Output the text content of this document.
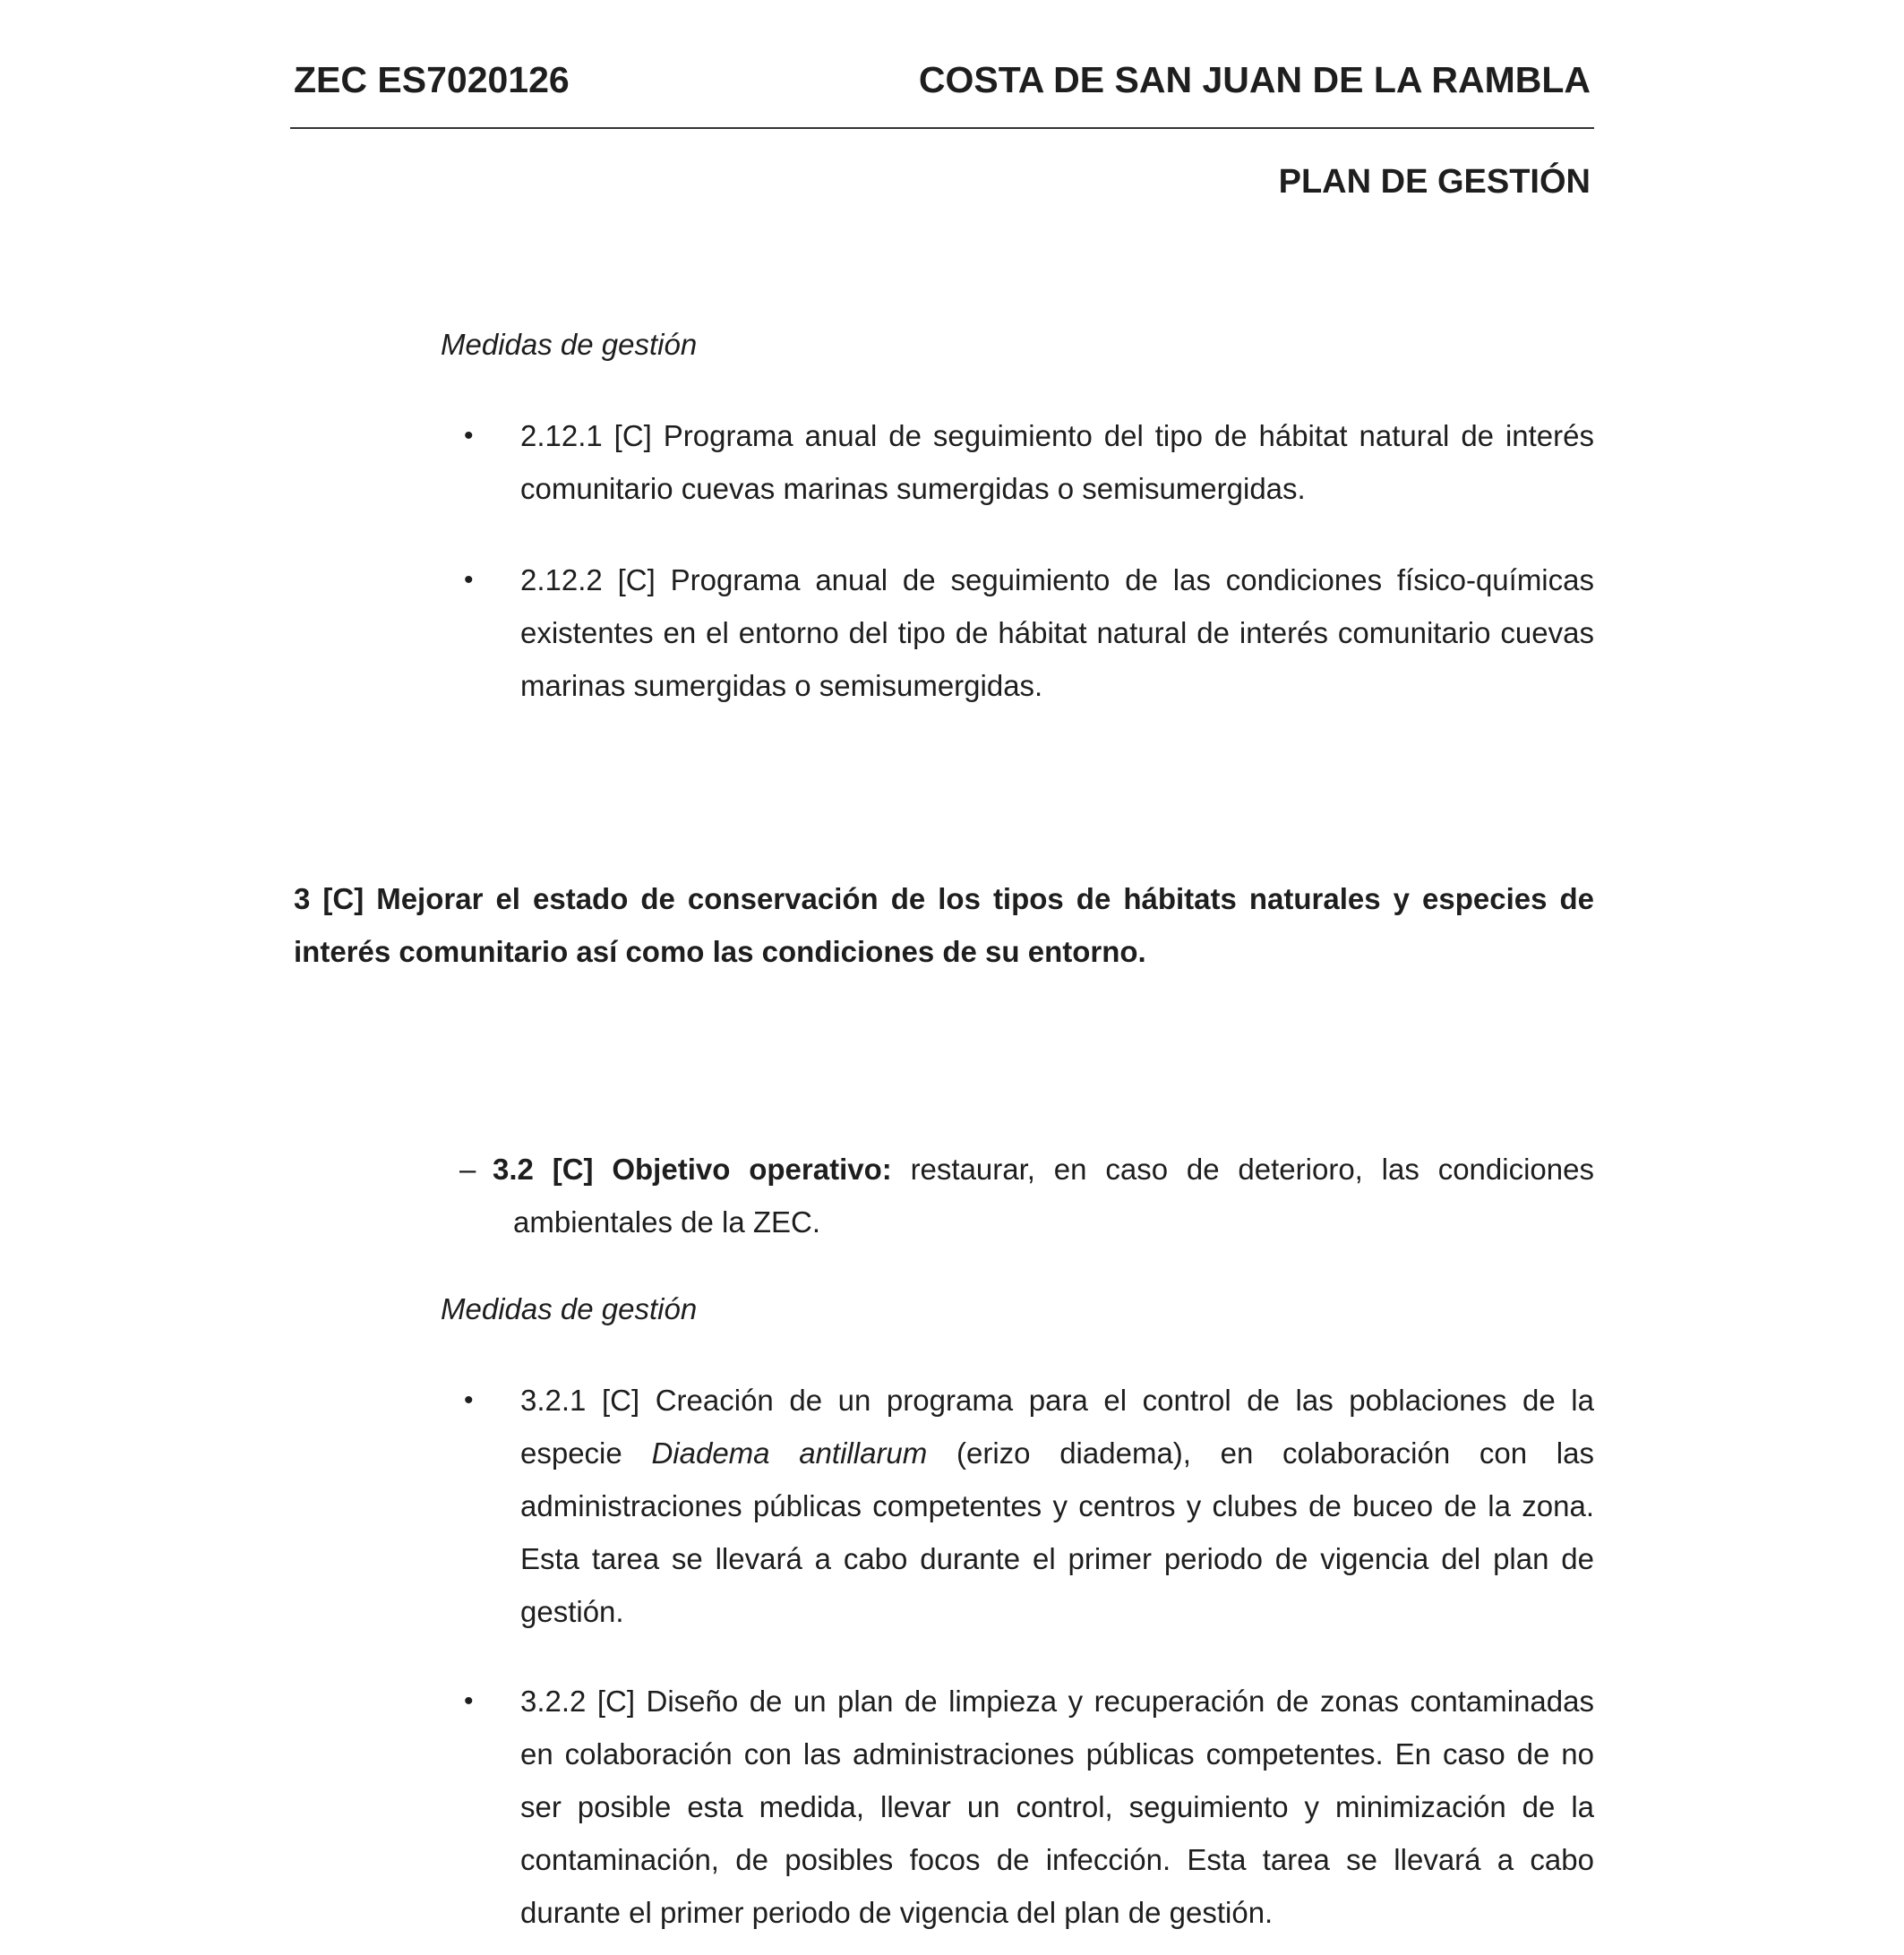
ZEC ES7020126	COSTA DE SAN JUAN DE LA RAMBLA
PLAN DE GESTIÓN
Medidas de gestión
• 2.12.1 [C] Programa anual de seguimiento del tipo de hábitat natural de interés comunitario cuevas marinas sumergidas o semisumergidas.
• 2.12.2 [C] Programa anual de seguimiento de las condiciones físico-químicas existentes en el entorno del tipo de hábitat natural de interés comunitario cuevas marinas sumergidas o semisumergidas.
3 [C] Mejorar el estado de conservación de los tipos de hábitats naturales y especies de interés comunitario así como las condiciones de su entorno.
– 3.2 [C] Objetivo operativo: restaurar, en caso de deterioro, las condiciones ambientales de la ZEC.
Medidas de gestión
• 3.2.1 [C] Creación de un programa para el control de las poblaciones de la especie Diadema antillarum (erizo diadema), en colaboración con las administraciones públicas competentes y centros y clubes de buceo de la zona. Esta tarea se llevará a cabo durante el primer periodo de vigencia del plan de gestión.
• 3.2.2 [C] Diseño de un plan de limpieza y recuperación de zonas contaminadas en colaboración con las administraciones públicas competentes. En caso de no ser posible esta medida, llevar un control, seguimiento y minimización de la contaminación, de posibles focos de infección. Esta tarea se llevará a cabo durante el primer periodo de vigencia del plan de gestión.
